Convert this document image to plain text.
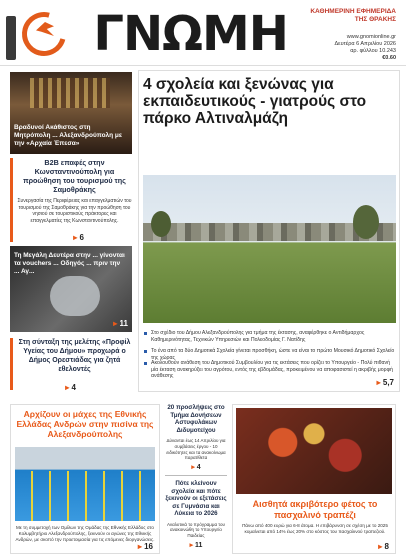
ΓΝΩΜΗ	ΚΑΘΗΜΕΡΙΝΗ ΕΦΗΜΕΡΙΔΑ ΤΗΣ ΘΡΑΚΗΣ
www.gnomionline.gr
Δευτέρα 6 Απριλίου 2026
αρ. φύλλου 10.243
€0.60
Βραδυνοί Ακάθιστος στη Μητρόπολη ... Αλεξανδρούπολη με την «Αρχαία Έπεσα»
B2B επαφές στην Κωνσταντινούπολη για προώθηση του τουρισμού της Σαμοθράκης
Συνεργασία της Περιφέρειας και επαγγελματιών του τουρισμού της Σαμοθράκης για την προώθηση του νησιού σε τουριστικούς πράκτορες και επαγγελματίες της Κωνσταντινούπολης.
▸ 6
Τη Μεγάλη Δευτέρα στην ... γίνονται τα vouchers ... Οδηγός ... πριν την ... Αγ...
▸ 11
Στη σύνταξη της μελέτης «Προφίλ Υγείας του Δήμου» προχωρά ο Δήμος Ορεστιάδας για ζητά εθελοντές
▸ 4
4 σχολεία και ξενώνας για εκπαιδευτικούς - γιατρούς στο πάρκο Αλτιναλμάζη
Στο σχέδιο του Δήμου Αλεξανδρούπολης για τμήμα της έκτασης, αναφέρθηκε ο Αντιδήμαρχος Καθημερινότητας, Τεχνικών Υπηρεσιών και Πολεοδομίας Γ. Νατίδης
Το ένα από τα δύο Δημοτικά Σχολεία γίνεται προσθήκη, ώστε να είναι το πρώτο Μουσικό Δημοτικό Σχολείο της χώρας
Ακολουθούν ανάθεση του Δημοτικού Συμβουλίου για τις εκτάσεις που ορίζει το Υπουργείο - Πολύ πιθανή μία έκταση ανακηρύξει του αγρότου, εντός της εβδομάδας, προκειμένου να αποφασιστεί η ακριβής μορφή ανάθεσης
▸ 5,7
Αρχίζουν οι μάχες της Εθνικής Ελλάδας Ανδρών στην πισίνα της Αλεξανδρούπολης
Με τη συμμετοχή των Ομίλων της Ομάδας της Εθνικής Ελλάδος στο Κολυμβητήριο Αλεξανδρούπολης, ξεκινούν οι αγώνες της Εθνικής Ανδρών, με σκοπό την προετοιμασία για τις επόμενες διοργανώσεις.
▸ 16
20 προσλήψεις στο Τμήμα Δονήσεων Αστυφυλάκων Διδυμοτείχου
Δύνανται έως 14 Απριλίου για συμβάσεις έργου - 10 ειδικότητες και τα ανακοίνωμα παρατίθετα
▸ 4
Πότε κλείνουν σχολεία και πότε ξεκινούν οι εξετάσεις σε Γυμνάσια και Λύκεια το 2026
Αναλυτικά το πρόγραμμα του ανακοινώθη το Υπουργείο Παιδείας
▸ 11
Αισθητά ακριβότερο φέτος το πασχαλινό τραπέζι
Πάνω από 400 ευρώ για 6-8 άτομα. Η επιβάρυνση σε σχέση με το 2025 κυμαίνεται από 14% έως 20% στο κόστος του πασχαλινού τραπεζιού.
▸ 8
